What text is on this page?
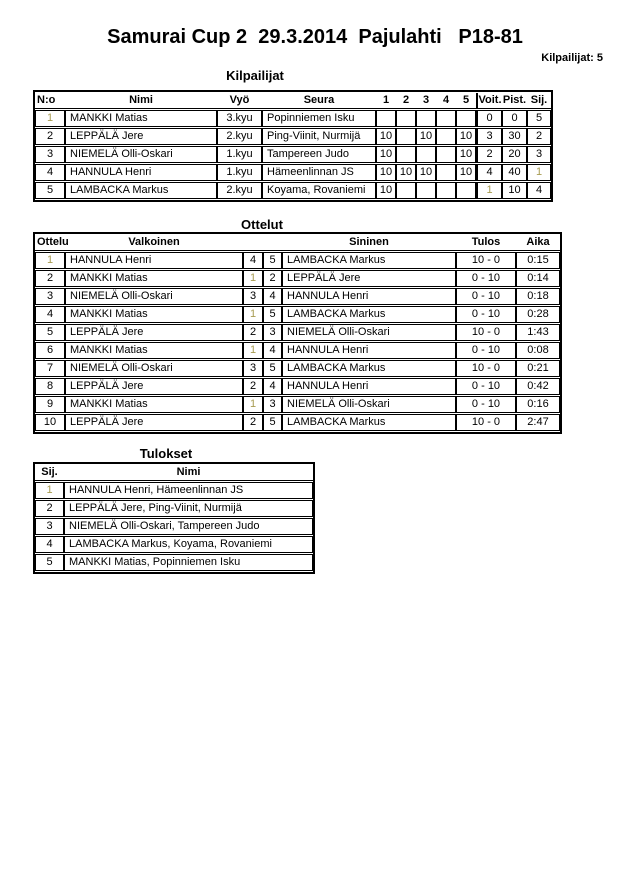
Samurai Cup 2  29.3.2014  Pajulahti   P18-81
Kilpailijat: 5
Kilpailijat
N:o	Nimi	Vyö	Seura	1	2	3	4	5	Voit.	Pist.	Sij.
1	MANKKI Matias	3.kyu	Popinniemen Isku						0	0	5
2	LEPPÄLÄ Jere	2.kyu	Ping-Viinit, Nurmijä	10		10		10	3	30	2
3	NIEMELÄ Olli-Oskari	1.kyu	Tampereen Judo	10				10	2	20	3
4	HANNULA Henri	1.kyu	Hämeenlinnan JS	10	10	10		10	4	40	1
5	LAMBACKA Markus	2.kyu	Koyama, Rovaniemi	10					1	10	4
Ottelut
Ottelu	Valkoinen			Sininen	Tulos	Aika
1	HANNULA Henri	4	5	LAMBACKA Markus	10 - 0	0:15
2	MANKKI Matias	1	2	LEPPÄLÄ Jere	0 - 10	0:14
3	NIEMELÄ Olli-Oskari	3	4	HANNULA Henri	0 - 10	0:18
4	MANKKI Matias	1	5	LAMBACKA Markus	0 - 10	0:28
5	LEPPÄLÄ Jere	2	3	NIEMELÄ Olli-Oskari	10 - 0	1:43
6	MANKKI Matias	1	4	HANNULA Henri	0 - 10	0:08
7	NIEMELÄ Olli-Oskari	3	5	LAMBACKA Markus	10 - 0	0:21
8	LEPPÄLÄ Jere	2	4	HANNULA Henri	0 - 10	0:42
9	MANKKI Matias	1	3	NIEMELÄ Olli-Oskari	0 - 10	0:16
10	LEPPÄLÄ Jere	2	5	LAMBACKA Markus	10 - 0	2:47
Tulokset
Sij.	Nimi
1	HANNULA Henri, Hämeenlinnan JS
2	LEPPÄLÄ Jere, Ping-Viinit, Nurmijä
3	NIEMELÄ Olli-Oskari, Tampereen Judo
4	LAMBACKA Markus, Koyama, Rovaniemi
5	MANKKI Matias, Popinniemen Isku
